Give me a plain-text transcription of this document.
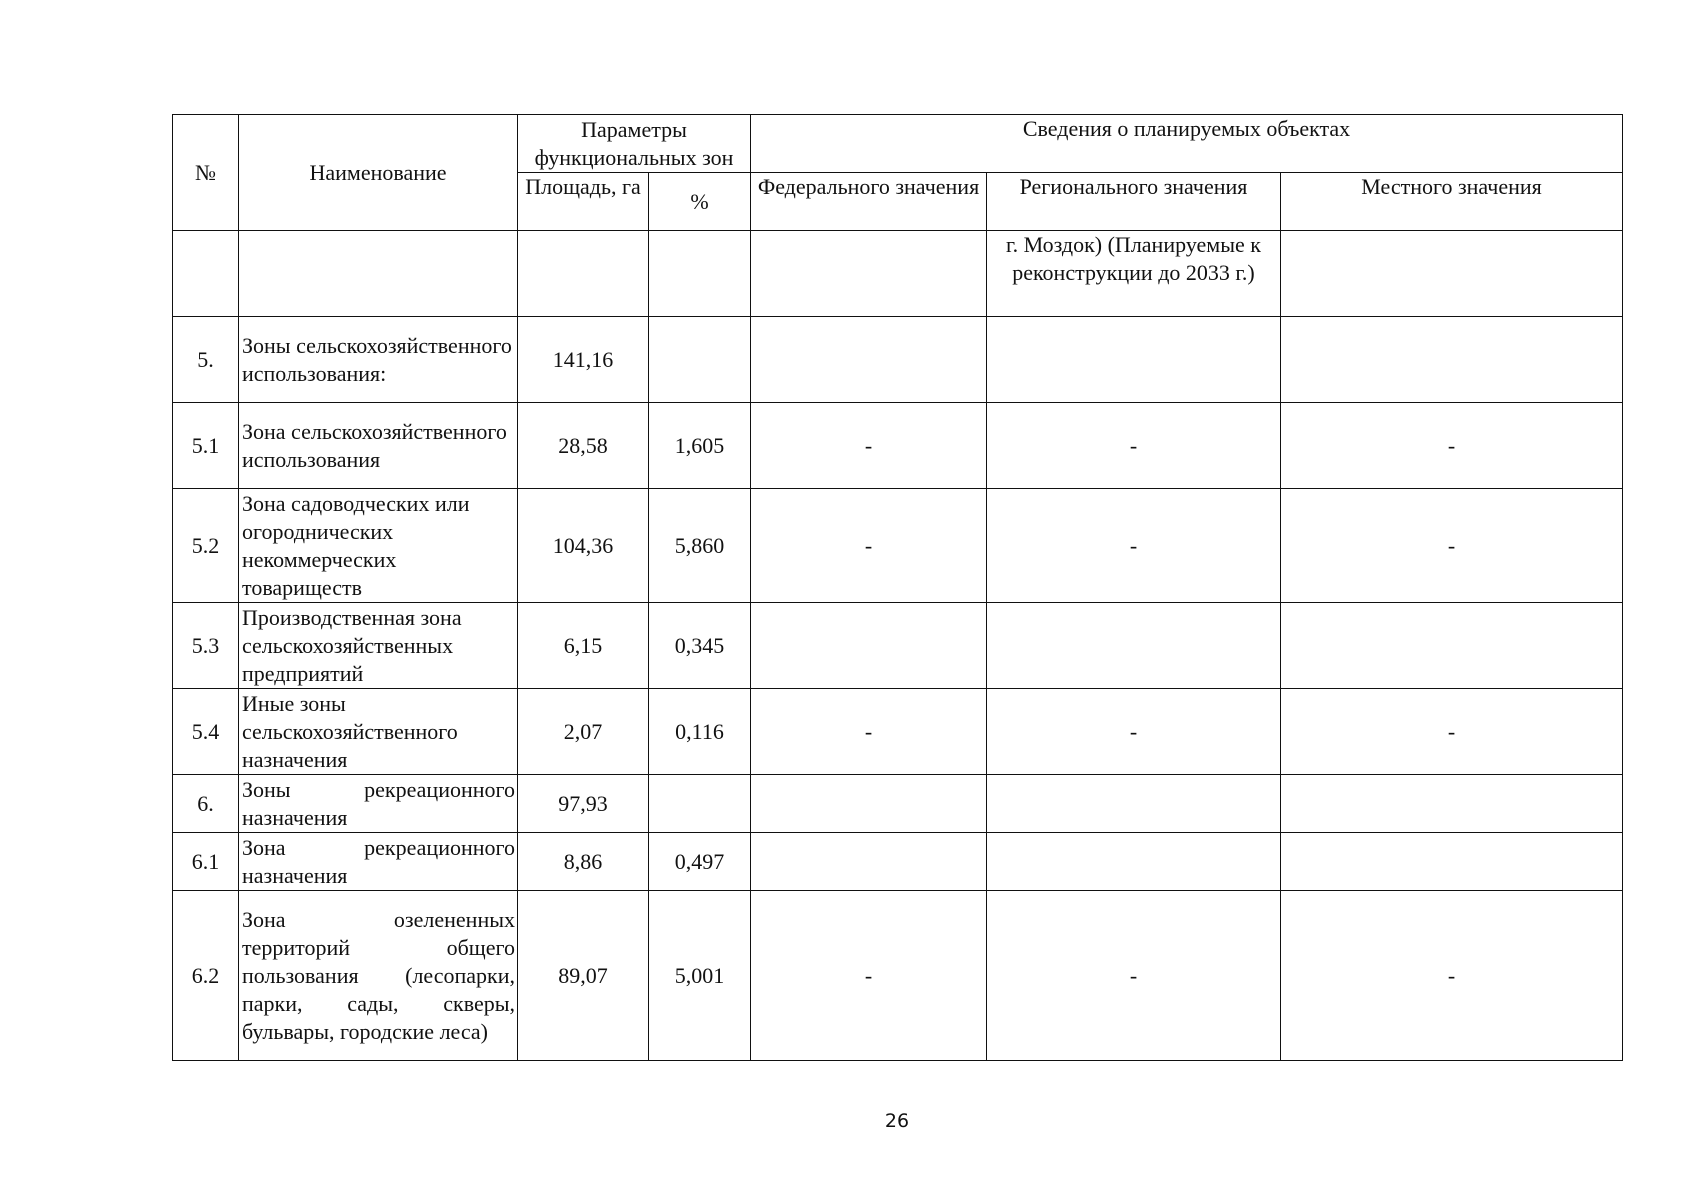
№	Наименование	Параметры функциональных зон		Сведения о планируемых объектах		
		Площадь, га	%	Федерального значения	Регионального значения	Местного значения
					г. Моздок) (Планируемые к реконструкции до 2033 г.)	
5.	Зоны сельскохозяйственного использования:	141,16				
5.1	Зона сельскохозяйственного использования	28,58	1,605	-	-	-
5.2	Зона садоводческих или огороднических некоммерческих товариществ	104,36	5,860	-	-	-
5.3	Производственная зона сельскохозяйственных предприятий	6,15	0,345			
5.4	Иные зоны сельскохозяйственного назначения	2,07	0,116	-	-	-
6.	Зоны рекреационного назначения	97,93				
6.1	Зона рекреационного назначения	8,86	0,497			
6.2	Зона озелененных территорий общего пользования (лесопарки, парки, сады, скверы, бульвары, городские леса)	89,07	5,001	-	-	-
26
